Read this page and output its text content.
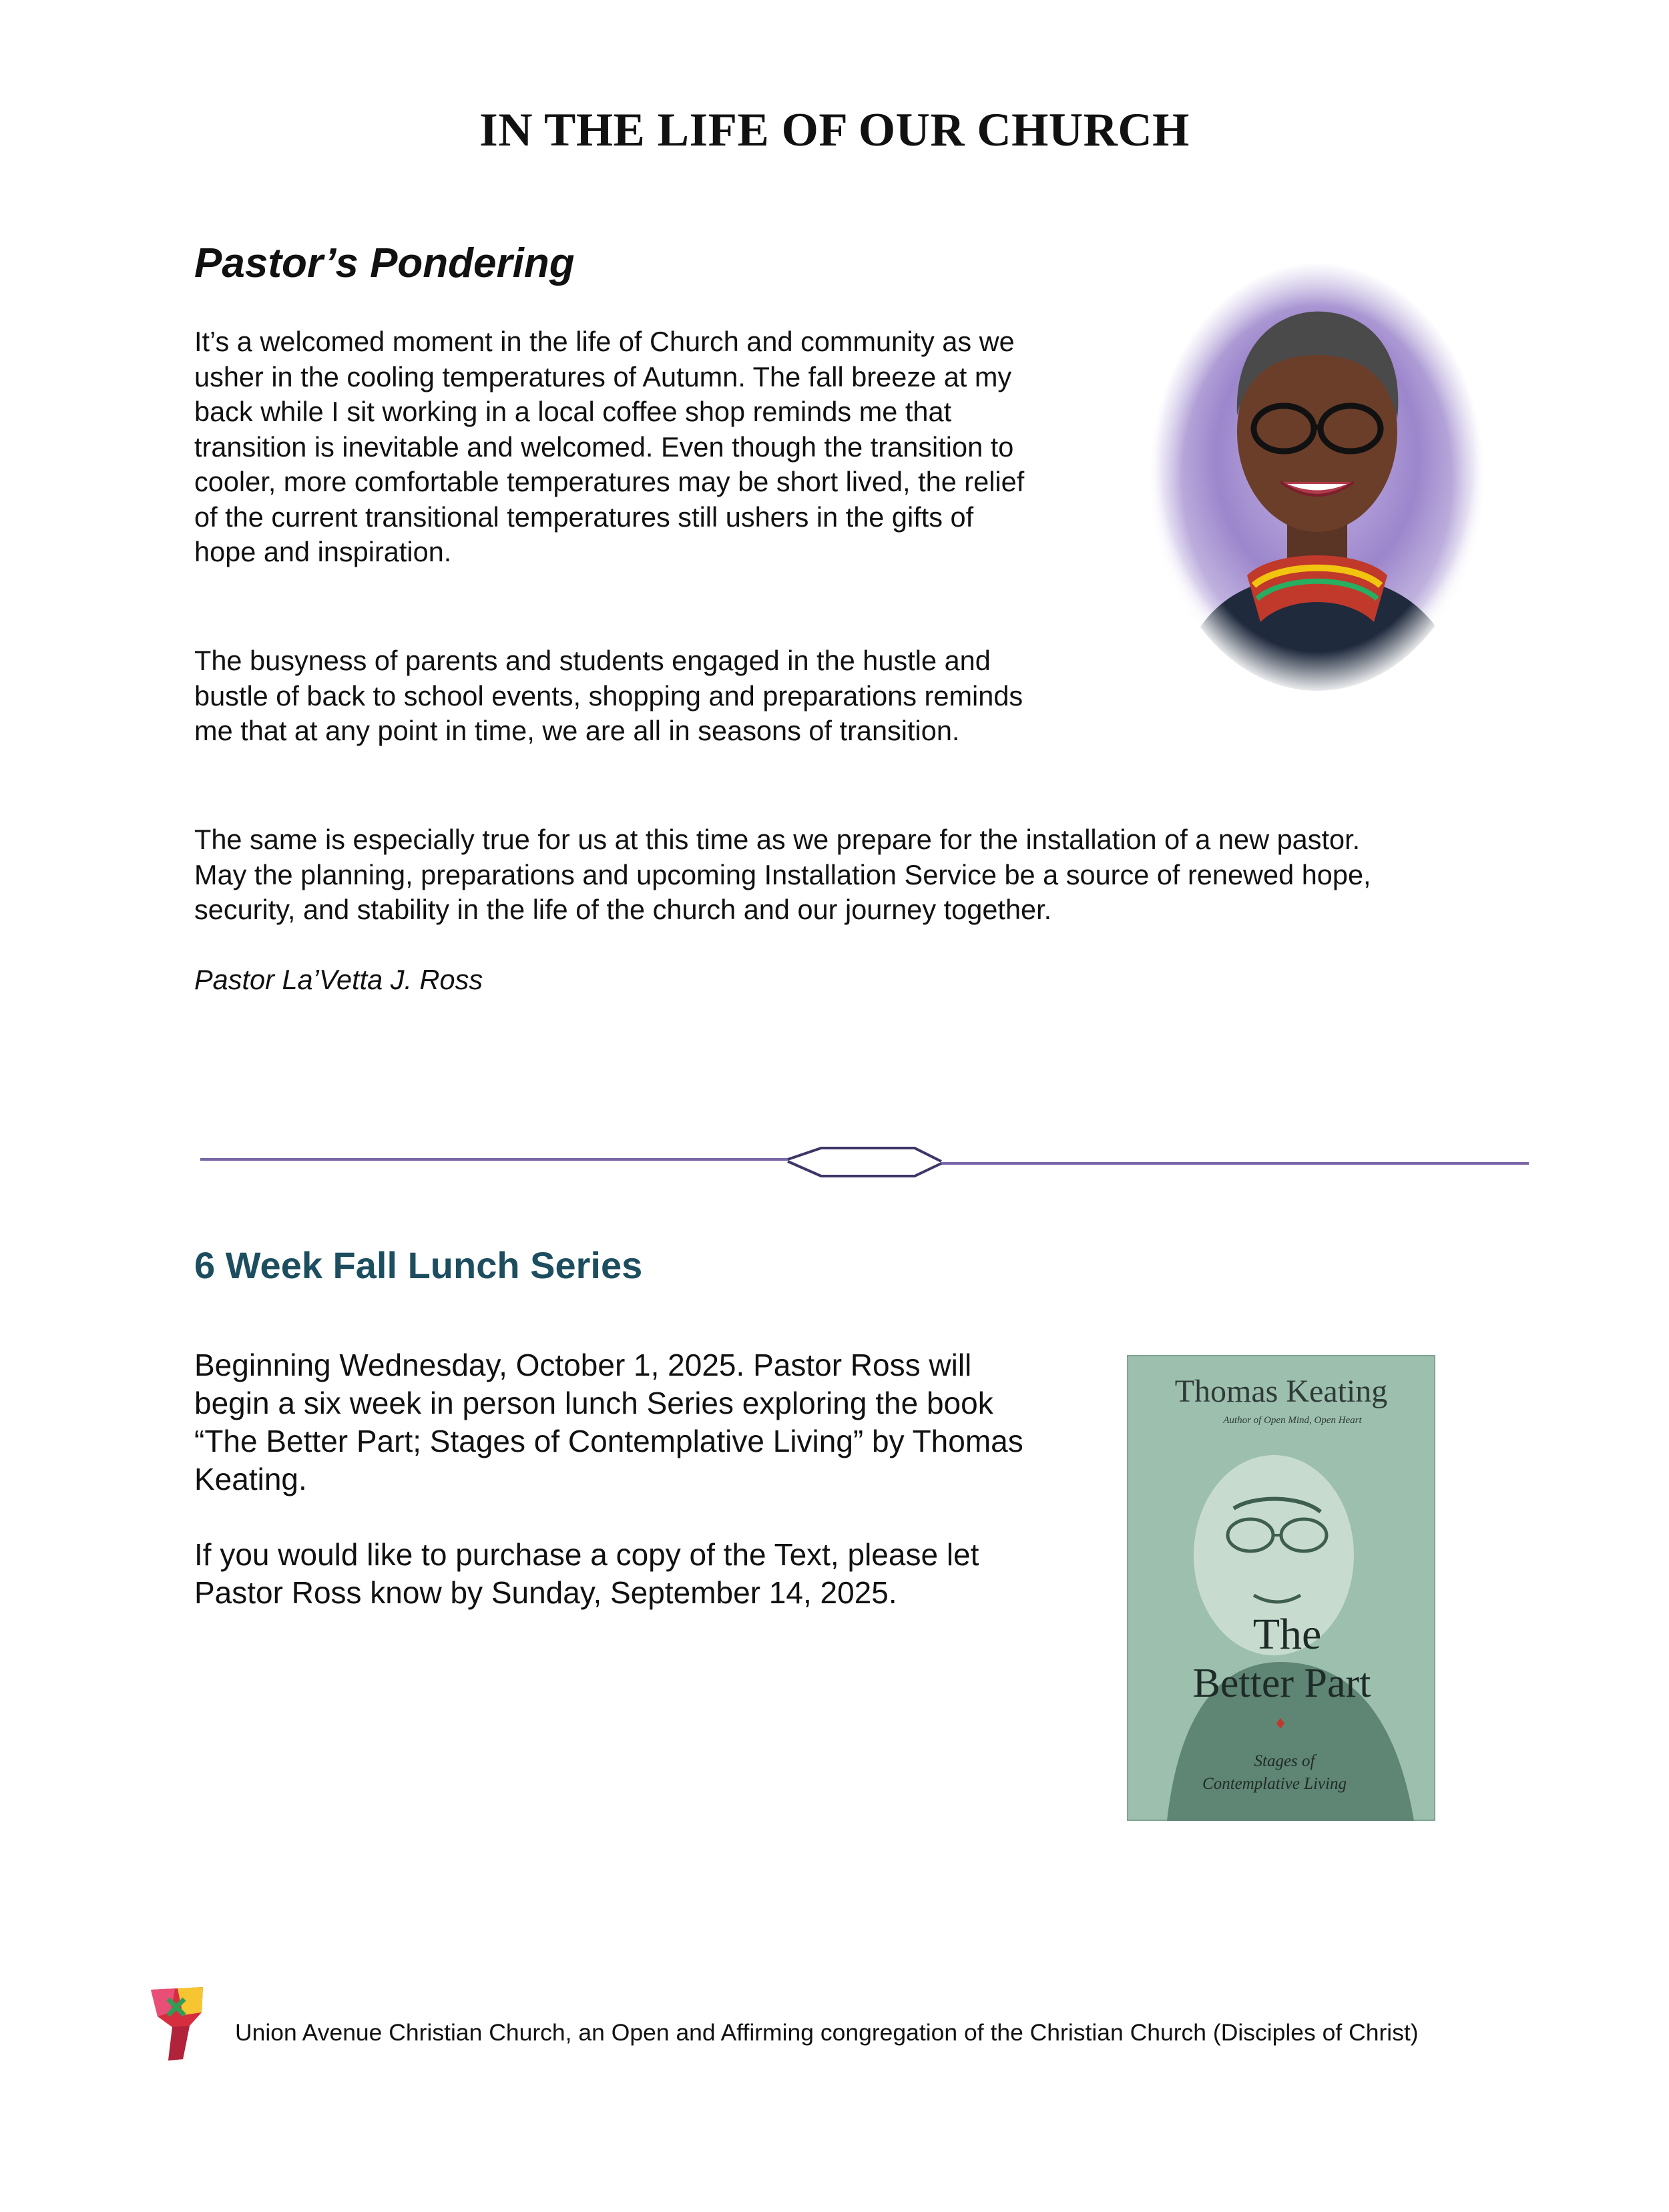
IN THE LIFE OF OUR CHURCH
Pastor’s Pondering

It’s a welcomed moment in the life of Church and community as we
usher in the cooling temperatures of Autumn. The fall breeze at my
back while I sit working in a local coffee shop reminds me that
transition is inevitable and welcomed. Even though the transition to
cooler, more comfortable temperatures may be short lived, the relief
of the current transitional temperatures still ushers in the gifts of
hope and inspiration.

The busyness of parents and students engaged in the hustle and
bustle of back to school events, shopping and preparations reminds
me that at any point in time, we are all in seasons of transition.

The same is especially true for us at this time as we prepare for the installation of a new pastor.
May the planning, preparations and upcoming Installation Service be a source of renewed hope,
security, and stability in the life of the church and our journey together.

Pastor La’Vetta J. Ross

6 Week Fall Lunch Series

Beginning Wednesday, October 1, 2025. Pastor Ross will
begin a six week in person lunch Series exploring the book
“The Better Part; Stages of Contemplative Living” by Thomas
Keating.

If you would like to purchase a copy of the Text, please let
Pastor Ross know by Sunday, September 14, 2025.

Thomas Keating
Author of Open Mind, Open Heart
The
Better Part
Stages of
Contemplative Living

Union Avenue Christian Church, an Open and Affirming congregation of the Christian Church (Disciples of Christ)
